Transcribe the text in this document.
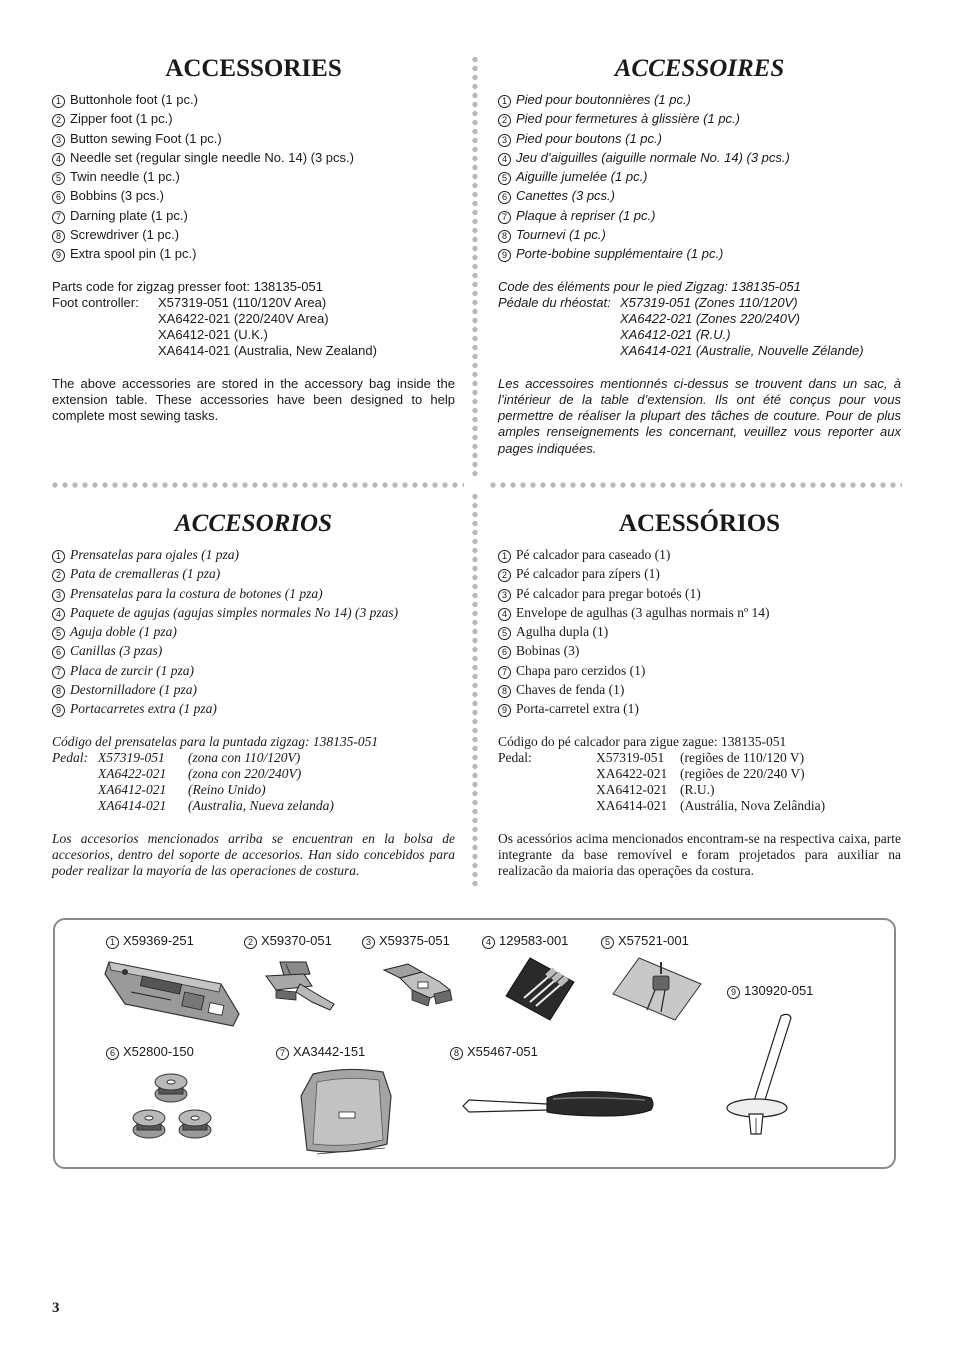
ACCESSORIES
1 Buttonhole foot (1 pc.)
2 Zipper foot (1 pc.)
3 Button sewing Foot (1 pc.)
4 Needle set (regular single needle No. 14) (3 pcs.)
5 Twin needle (1 pc.)
6 Bobbins (3 pcs.)
7 Darning plate (1 pc.)
8 Screwdriver (1 pc.)
9 Extra spool pin (1 pc.)
Parts code for zigzag presser foot: 138135-051
Foot controller:	X57319-051 (110/120V Area)
XA6422-021 (220/240V Area)
XA6412-021 (U.K.)
XA6414-021 (Australia, New Zealand)
The above accessories are stored in the accessory bag inside the extension table. These accessories have been designed to help complete most sewing tasks.
ACCESSOIRES
1 Pied pour boutonnières (1 pc.)
2 Pied pour fermetures à glissière (1 pc.)
3 Pied pour boutons (1 pc.)
4 Jeu d’aiguilles (aiguille normale No. 14) (3 pcs.)
5 Aiguille jumelée (1 pc.)
6 Canettes (3 pcs.)
7 Plaque à repriser (1 pc.)
8 Tournevi (1 pc.)
9 Porte-bobine supplémentaire (1 pc.)
Code des éléments pour le pied Zigzag: 138135-051
Pédale du rhéostat: X57319-051 (Zones 110/120V)
XA6422-021 (Zones 220/240V)
XA6412-021 (R.U.)
XA6414-021 (Australie, Nouvelle Zélande)
Les accessoires mentionnés ci-dessus se trouvent dans un sac, à l’intérieur de la table d’extension. Ils ont été conçus pour vous permettre de réaliser la plupart des tâches de couture. Pour de plus amples renseignements les concernant, veuillez vous reporter aux pages indiquées.
ACCESORIOS
1 Prensatelas para ojales (1 pza)
2 Pata de cremalleras (1 pza)
3 Prensatelas para la costura de botones (1 pza)
4 Paquete de agujas (agujas simples normales No 14) (3 pzas)
5 Aguja doble (1 pza)
6 Canillas (3 pzas)
7 Placa de zurcir (1 pza)
8 Destornilladore (1 pza)
9 Portacarretes extra (1 pza)
Código del prensatelas para la puntada zigzag: 138135-051
Pedal: X57319-051	(zona con 110/120V)
XA6422-021	(zona con 220/240V)
XA6412-021	(Reino Unido)
XA6414-021	(Australia, Nueva zelanda)
Los accesorios mencionados arriba se encuentran en la bolsa de accesorios, dentro del soporte de accesorios. Han sido concebidos para poder realizar la mayoría de las operaciones de costura.
ACESSÓRIOS
1 Pé calcador para caseado (1)
2 Pé calcador para zípers (1)
3 Pé calcador para pregar botoés (1)
4 Envelope de agulhas (3 agulhas normais nº 14)
5 Agulha dupla (1)
6 Bobinas (3)
7 Chapa paro cerzidos (1)
8 Chaves de fenda (1)
9 Porta-carretel extra (1)
Código do pé calcador para zigue zague: 138135-051
Pedal:	X57319-051	(regiões de 110/120 V)
XA6422-021 (regiões de 220/240 V)
XA6412-021 (R.U.)
XA6414-021 (Austrália, Nova Zelândia)
Os acessórios acima mencionados encontram-se na respectiva caixa, parte integrante da base removível e foram projetados para auxiliar na realizacão da maioria das operações da costura.
1 X59369-251	2 X59370-051	3 X59375-051	4 129583-001	5 X57521-001
6 X52800-150	7 XA3442-151	8 X55467-051
9 130920-051
3
